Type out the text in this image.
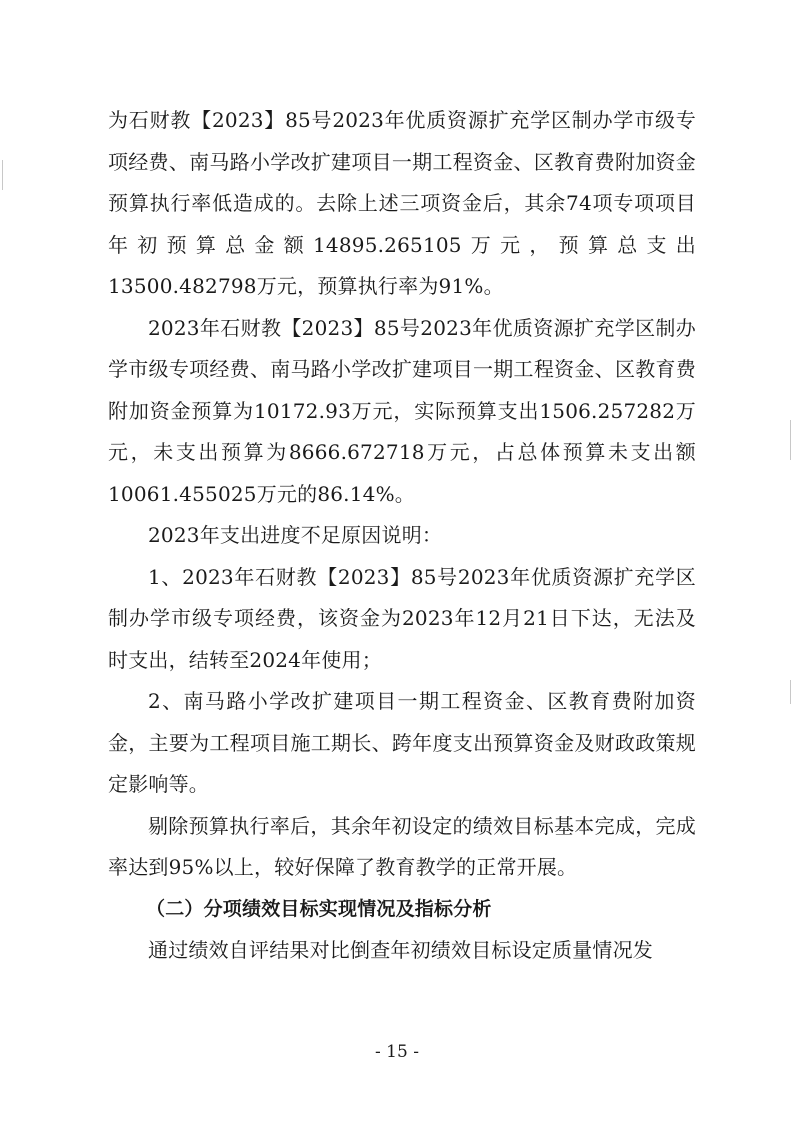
为石财教【2023】85号2023年优质资源扩充学区制办学市级专项经费、南马路小学改扩建项目一期工程资金、区教育费附加资金预算执行率低造成的。去除上述三项资金后，其余74项专项项目年初预算总金额14895.265105万元，预算总支出13500.482798万元，预算执行率为91%。

2023年石财教【2023】85号2023年优质资源扩充学区制办学市级专项经费、南马路小学改扩建项目一期工程资金、区教育费附加资金预算为10172.93万元，实际预算支出1506.257282万元，未支出预算为8666.672718万元，占总体预算未支出额10061.455025万元的86.14%。

2023年支出进度不足原因说明：

1、2023年石财教【2023】85号2023年优质资源扩充学区制办学市级专项经费，该资金为2023年12月21日下达，无法及时支出，结转至2024年使用；

2、南马路小学改扩建项目一期工程资金、区教育费附加资金，主要为工程项目施工期长、跨年度支出预算资金及财政政策规定影响等。

剔除预算执行率后，其余年初设定的绩效目标基本完成，完成率达到95%以上，较好保障了教育教学的正常开展。

（二）分项绩效目标实现情况及指标分析

通过绩效自评结果对比倒查年初绩效目标设定质量情况发

- 15 -
